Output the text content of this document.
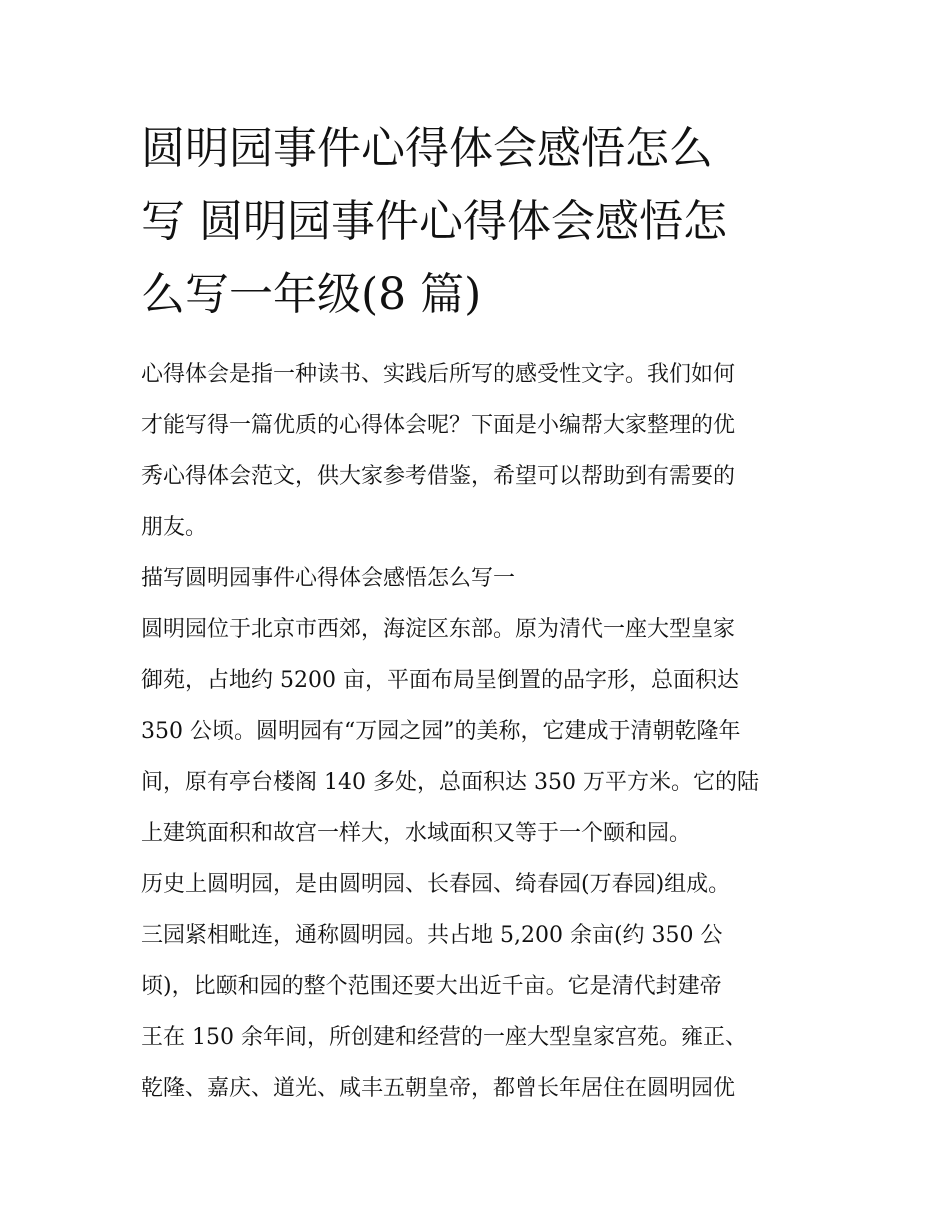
圆明园事件心得体会感悟怎么
写 圆明园事件心得体会感悟怎
么写一年级(8 篇)
心得体会是指一种读书、实践后所写的感受性文字。我们如何
才能写得一篇优质的心得体会呢？下面是小编帮大家整理的优
秀心得体会范文，供大家参考借鉴，希望可以帮助到有需要的
朋友。
描写圆明园事件心得体会感悟怎么写一
圆明园位于北京市西郊，海淀区东部。原为清代一座大型皇家
御苑，占地约 5200 亩，平面布局呈倒置的品字形，总面积达
350 公顷。圆明园有“万园之园”的美称，它建成于清朝乾隆年
间，原有亭台楼阁 140 多处，总面积达 350 万平方米。它的陆
上建筑面积和故宫一样大，水域面积又等于一个颐和园。
历史上圆明园，是由圆明园、长春园、绮春园(万春园)组成。
三园紧相毗连，通称圆明园。共占地 5,200 余亩(约 350 公
顷)，比颐和园的整个范围还要大出近千亩。它是清代封建帝
王在 150 余年间，所创建和经营的一座大型皇家宫苑。雍正、
乾隆、嘉庆、道光、咸丰五朝皇帝，都曾长年居住在圆明园优
